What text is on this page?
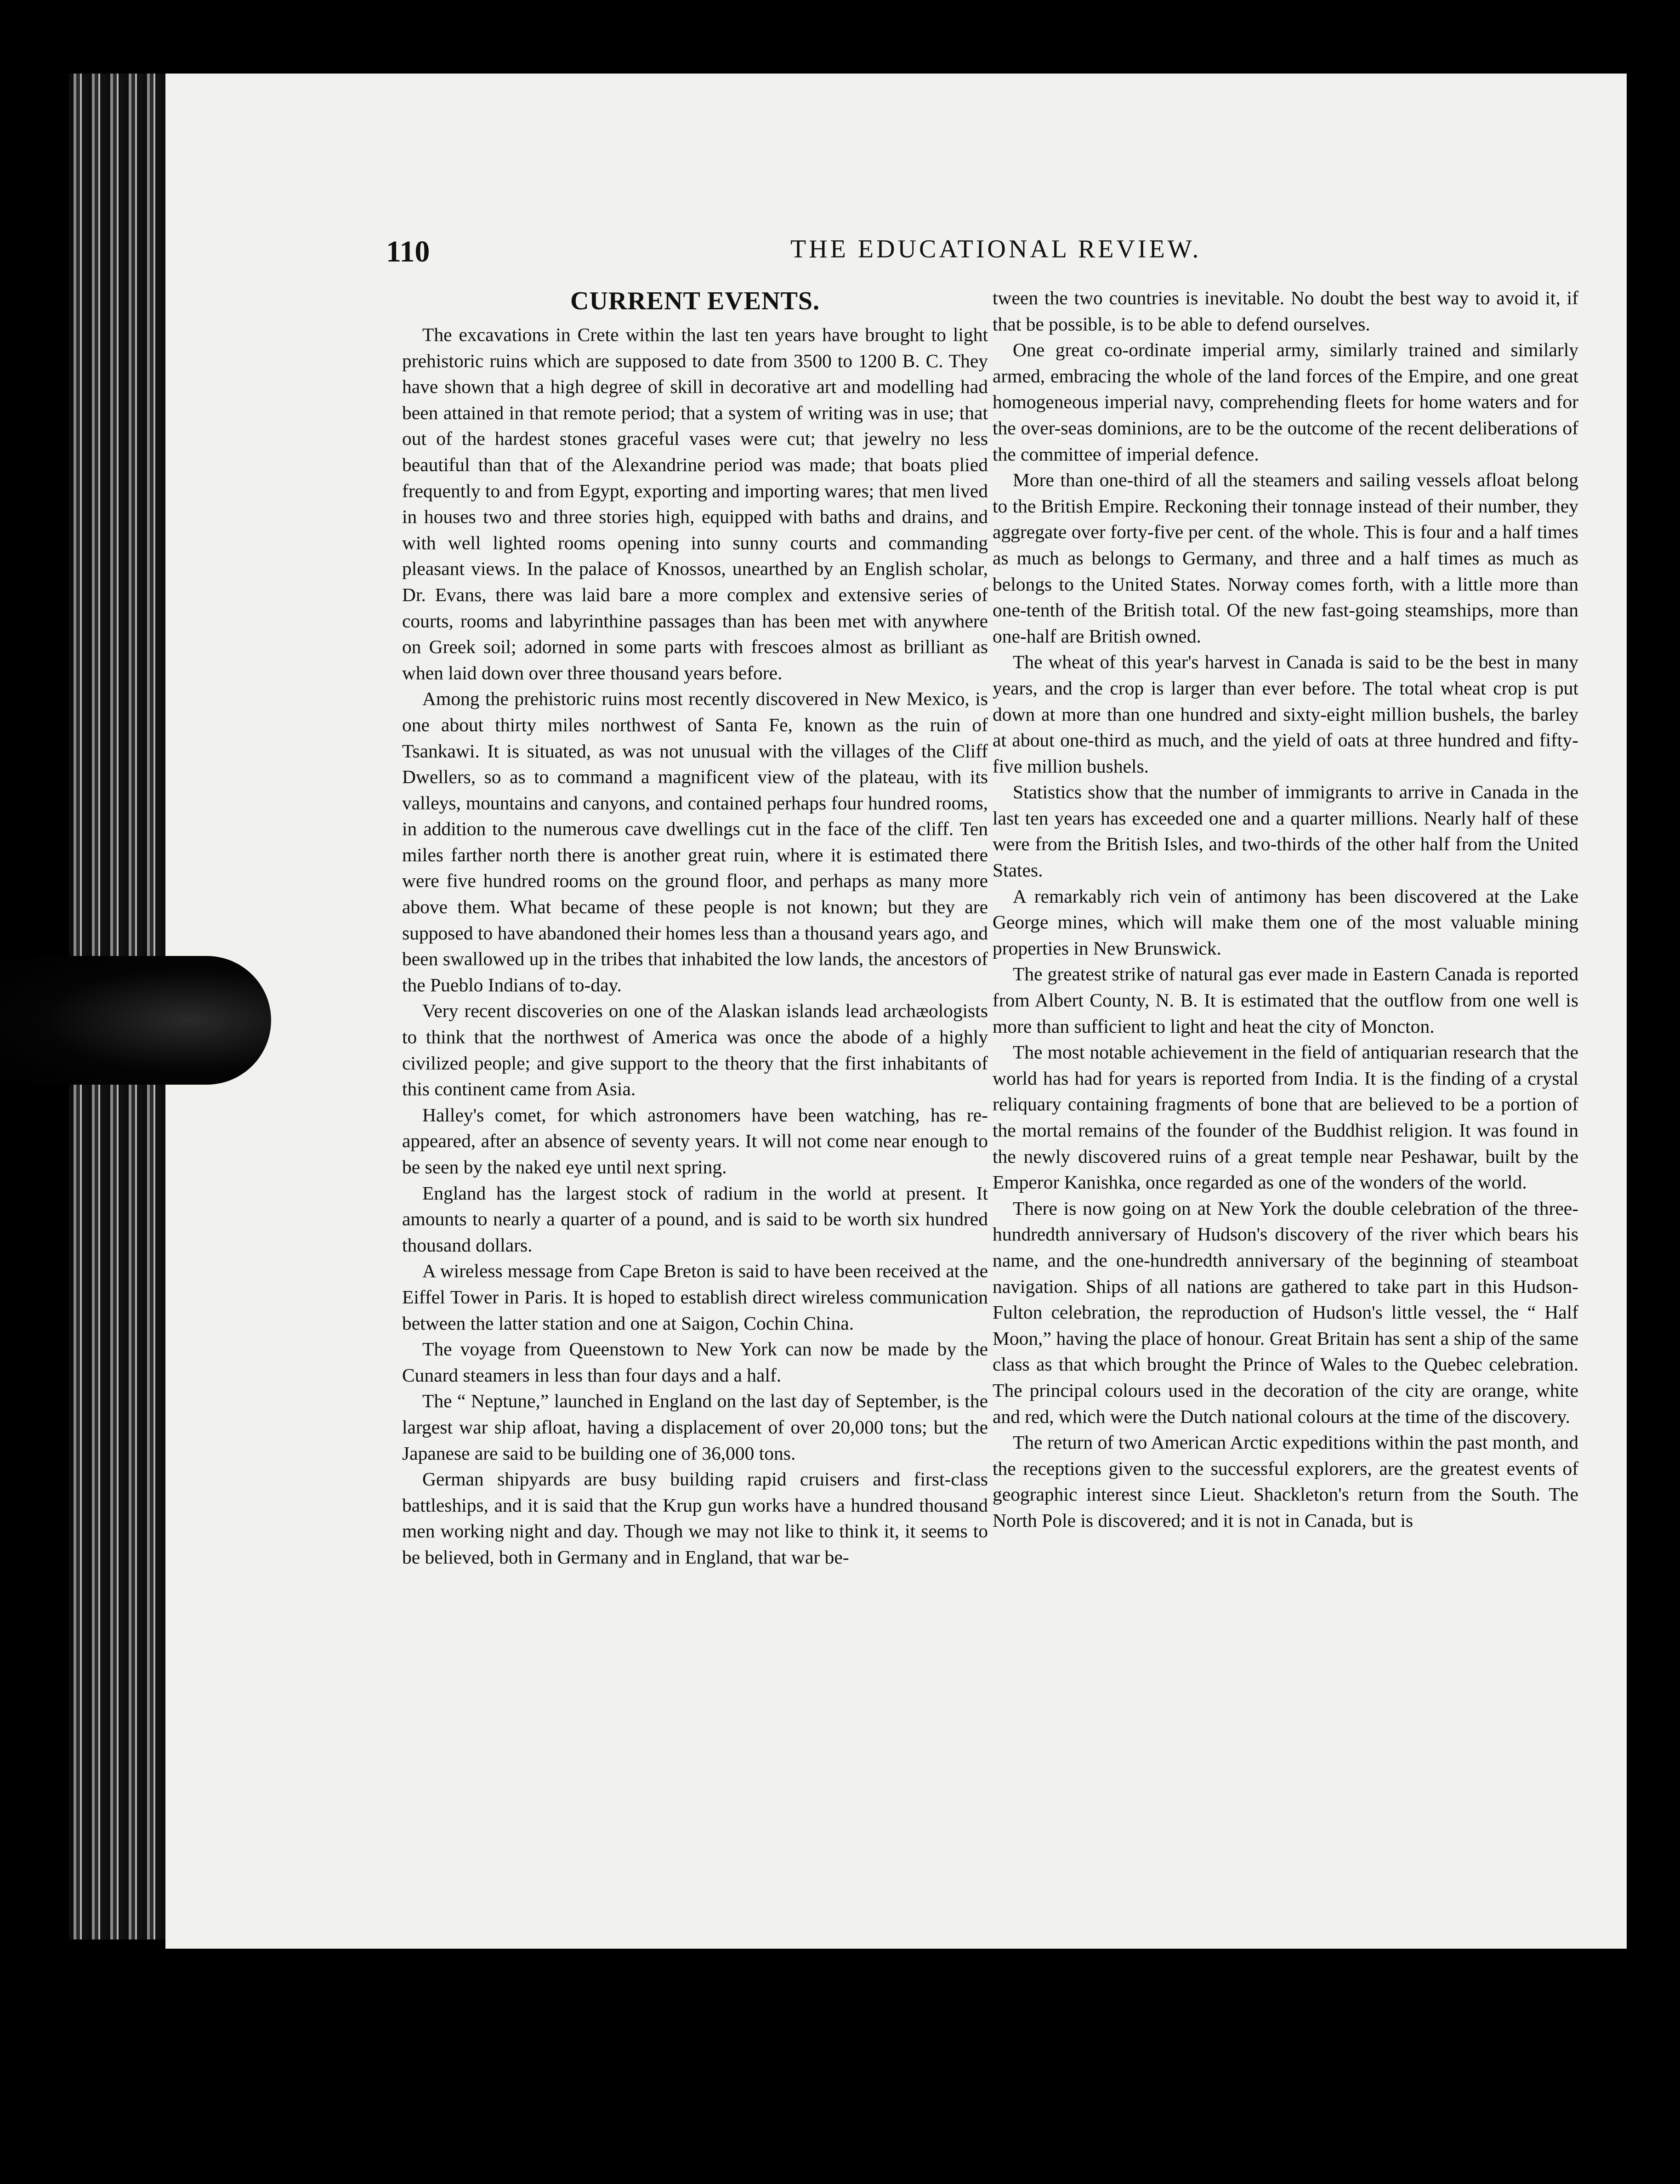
110	THE EDUCATIONAL REVIEW.
CURRENT EVENTS.

The excavations in Crete within the last ten years have brought to light prehistoric ruins which are supposed to date from 3500 to 1200 B. C. They have shown that a high degree of skill in decorative art and modelling had been attained in that remote period; that a system of writing was in use; that out of the hardest stones graceful vases were cut; that jewelry no less beautiful than that of the Alexandrine period was made; that boats plied frequently to and from Egypt, exporting and importing wares; that men lived in houses two and three stories high, equipped with baths and drains, and with well lighted rooms opening into sunny courts and commanding pleasant views. In the palace of Knossos, unearthed by an English scholar, Dr. Evans, there was laid bare a more complex and extensive series of courts, rooms and labyrinthine passages than has been met with anywhere on Greek soil; adorned in some parts with frescoes almost as brilliant as when laid down over three thousand years before.

Among the prehistoric ruins most recently discovered in New Mexico, is one about thirty miles northwest of Santa Fe, known as the ruin of Tsankawi. It is situated, as was not unusual with the villages of the Cliff Dwellers, so as to command a magnificent view of the plateau, with its valleys, mountains and canyons, and contained perhaps four hundred rooms, in addition to the numerous cave dwellings cut in the face of the cliff. Ten miles farther north there is another great ruin, where it is estimated there were five hundred rooms on the ground floor, and perhaps as many more above them. What became of these people is not known; but they are supposed to have abandoned their homes less than a thousand years ago, and been swallowed up in the tribes that inhabited the low lands, the ancestors of the Pueblo Indians of to-day.

Very recent discoveries on one of the Alaskan islands lead archæologists to think that the northwest of America was once the abode of a highly civilized people; and give support to the theory that the first inhabitants of this continent came from Asia.

Halley's comet, for which astronomers have been watching, has re-appeared, after an absence of seventy years. It will not come near enough to be seen by the naked eye until next spring.

England has the largest stock of radium in the world at present. It amounts to nearly a quarter of a pound, and is said to be worth six hundred thousand dollars.

A wireless message from Cape Breton is said to have been received at the Eiffel Tower in Paris. It is hoped to establish direct wireless communication between the latter station and one at Saigon, Cochin China.

The voyage from Queenstown to New York can now be made by the Cunard steamers in less than four days and a half.

The “ Neptune,” launched in England on the last day of September, is the largest war ship afloat, having a displacement of over 20,000 tons; but the Japanese are said to be building one of 36,000 tons.

German shipyards are busy building rapid cruisers and first-class battleships, and it is said that the Krup gun works have a hundred thousand men working night and day. Though we may not like to think it, it seems to be believed, both in Germany and in England, that war be-

tween the two countries is inevitable. No doubt the best way to avoid it, if that be possible, is to be able to defend ourselves.

One great co-ordinate imperial army, similarly trained and similarly armed, embracing the whole of the land forces of the Empire, and one great homogeneous imperial navy, comprehending fleets for home waters and for the over-seas dominions, are to be the outcome of the recent deliberations of the committee of imperial defence.

More than one-third of all the steamers and sailing vessels afloat belong to the British Empire. Reckoning their tonnage instead of their number, they aggregate over forty-five per cent. of the whole. This is four and a half times as much as belongs to Germany, and three and a half times as much as belongs to the United States. Norway comes forth, with a little more than one-tenth of the British total. Of the new fast-going steamships, more than one-half are British owned.

The wheat of this year's harvest in Canada is said to be the best in many years, and the crop is larger than ever before. The total wheat crop is put down at more than one hundred and sixty-eight million bushels, the barley at about one-third as much, and the yield of oats at three hundred and fifty-five million bushels.

Statistics show that the number of immigrants to arrive in Canada in the last ten years has exceeded one and a quarter millions. Nearly half of these were from the British Isles, and two-thirds of the other half from the United States.

A remarkably rich vein of antimony has been discovered at the Lake George mines, which will make them one of the most valuable mining properties in New Brunswick.

The greatest strike of natural gas ever made in Eastern Canada is reported from Albert County, N. B. It is estimated that the outflow from one well is more than sufficient to light and heat the city of Moncton.

The most notable achievement in the field of antiquarian research that the world has had for years is reported from India. It is the finding of a crystal reliquary containing fragments of bone that are believed to be a portion of the mortal remains of the founder of the Buddhist religion. It was found in the newly discovered ruins of a great temple near Peshawar, built by the Emperor Kanishka, once regarded as one of the wonders of the world.

There is now going on at New York the double celebration of the three-hundredth anniversary of Hudson's discovery of the river which bears his name, and the one-hundredth anniversary of the beginning of steamboat navigation. Ships of all nations are gathered to take part in this Hudson-Fulton celebration, the reproduction of Hudson's little vessel, the “ Half Moon,” having the place of honour. Great Britain has sent a ship of the same class as that which brought the Prince of Wales to the Quebec celebration. The principal colours used in the decoration of the city are orange, white and red, which were the Dutch national colours at the time of the discovery.

The return of two American Arctic expeditions within the past month, and the receptions given to the successful explorers, are the greatest events of geographic interest since Lieut. Shackleton's return from the South. The North Pole is discovered; and it is not in Canada, but is
